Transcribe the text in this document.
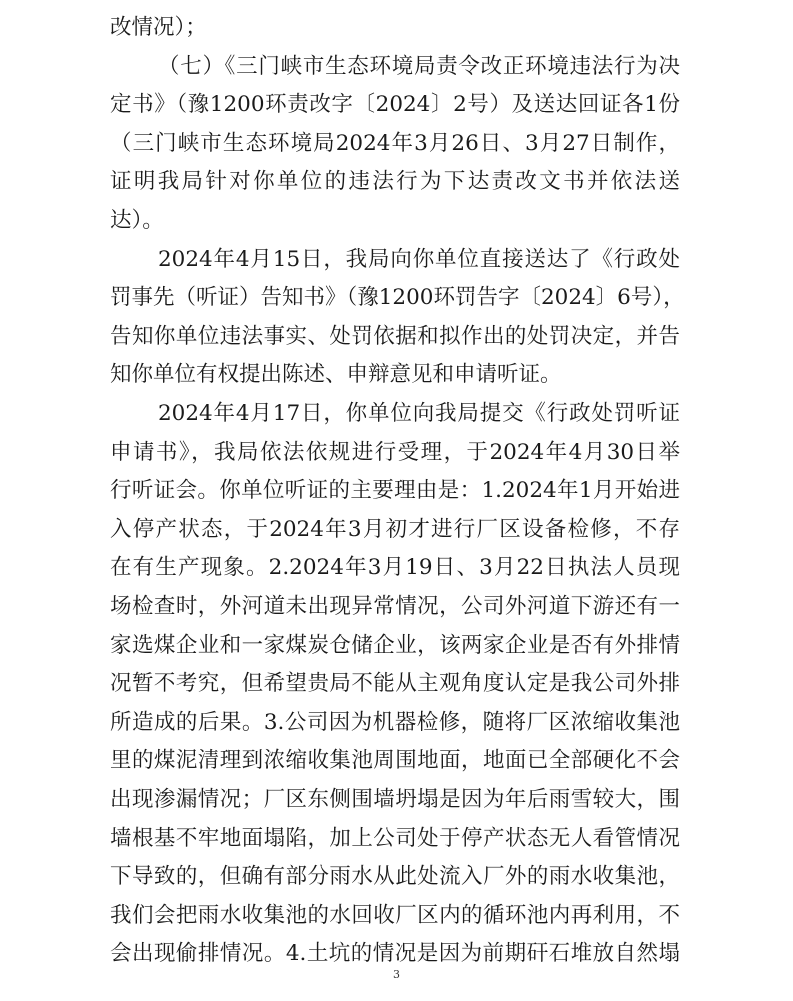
改情况）；
（七）《三门峡市生态环境局责令改正环境违法行为决
定书》（豫1200环责改字〔2024〕2号）及送达回证各1份
（三门峡市生态环境局2024年3月26日、3月27日制作，
证明我局针对你单位的违法行为下达责改文书并依法送
达）。
2024年4月15日，我局向你单位直接送达了《行政处
罚事先（听证）告知书》（豫1200环罚告字〔2024〕6号），
告知你单位违法事实、处罚依据和拟作出的处罚决定，并告
知你单位有权提出陈述、申辩意见和申请听证。
2024年4月17日，你单位向我局提交《行政处罚听证
申请书》，我局依法依规进行受理，于2024年4月30日举
行听证会。你单位听证的主要理由是：1.2024年1月开始进
入停产状态，于2024年3月初才进行厂区设备检修，不存
在有生产现象。2.2024年3月19日、3月22日执法人员现
场检查时，外河道未出现异常情况，公司外河道下游还有一
家选煤企业和一家煤炭仓储企业，该两家企业是否有外排情
况暂不考究，但希望贵局不能从主观角度认定是我公司外排
所造成的后果。3.公司因为机器检修，随将厂区浓缩收集池
里的煤泥清理到浓缩收集池周围地面，地面已全部硬化不会
出现渗漏情况；厂区东侧围墙坍塌是因为年后雨雪较大，围
墙根基不牢地面塌陷，加上公司处于停产状态无人看管情况
下导致的，但确有部分雨水从此处流入厂外的雨水收集池，
我们会把雨水收集池的水回收厂区内的循环池内再利用，不
会出现偷排情况。4.土坑的情况是因为前期矸石堆放自然塌
3
